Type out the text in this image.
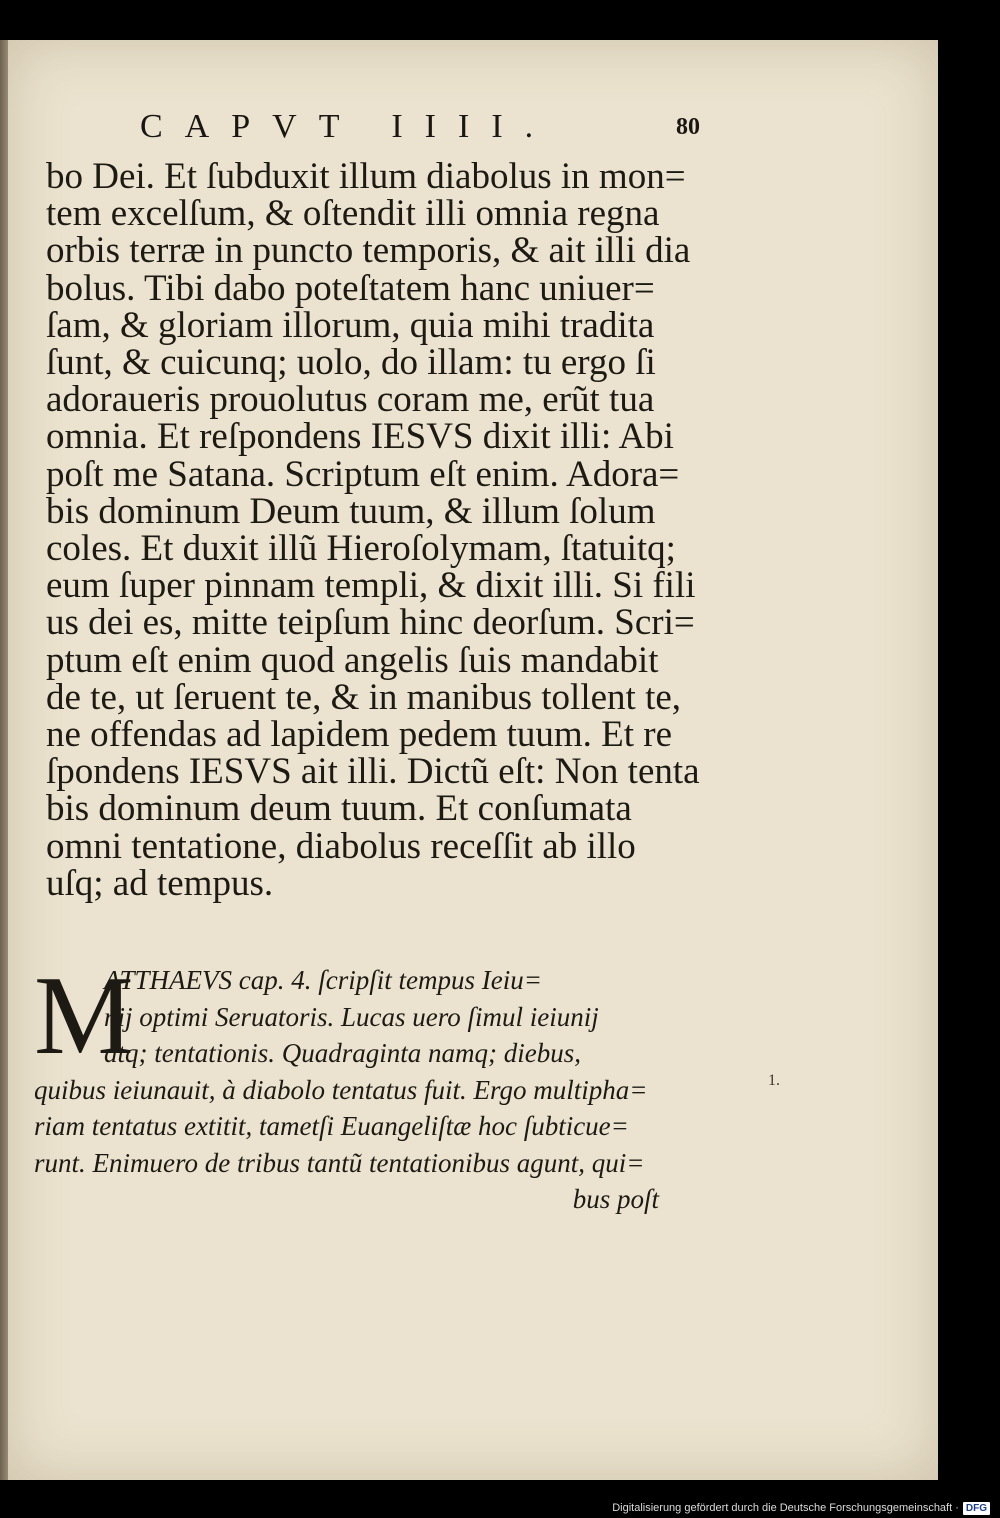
CAPVT IIII.	80
bo Dei. Et ſubduxit illum diabolus in mon=
tem excelſum, & oſtendit illi omnia regna
orbis terræ in puncto temporis, & ait illi dia
bolus. Tibi dabo poteſtatem hanc uniuer=
ſam, & gloriam illorum, quia mihi tradita
ſunt, & cuicunq; uolo, do illam: tu ergo ſi
adoraueris prouolutus coram me, erũt tua
omnia. Et reſpondens IESVS dixit illi: Abi
poſt me Satana. Scriptum eſt enim. Adora=
bis dominum Deum tuum, & illum ſolum
coles. Et duxit illũ Hieroſolymam, ſtatuitq;
eum ſuper pinnam templi, & dixit illi. Si fili
us dei es, mitte teipſum hinc deorſum. Scri=
ptum eſt enim quod angelis ſuis mandabit
de te, ut ſeruent te, & in manibus tollent te,
ne offendas ad lapidem pedem tuum. Et re
ſpondens IESVS ait illi. Dictũ eſt: Non tenta
bis dominum deum tuum. Et conſumata
omni tentatione, diabolus receſſit ab illo
uſq; ad tempus.
M
ATTHAEVS cap. 4. ſcripſit tempus Ieiu=
nij optimi Seruatoris. Lucas uero ſimul ieiunij
atq; tentationis. Quadraginta namq; diebus,
quibus ieiunauit, à diabolo tentatus fuit. Ergo multipha=
riam tentatus extitit, tametſi Euangeliſtæ hoc ſubticue=
runt. Enimuero de tribus tantũ tentationibus agunt, qui=
bus poſt
1.
Digitalisierung gefördert durch die Deutsche Forschungsgemeinschaft · DFG
